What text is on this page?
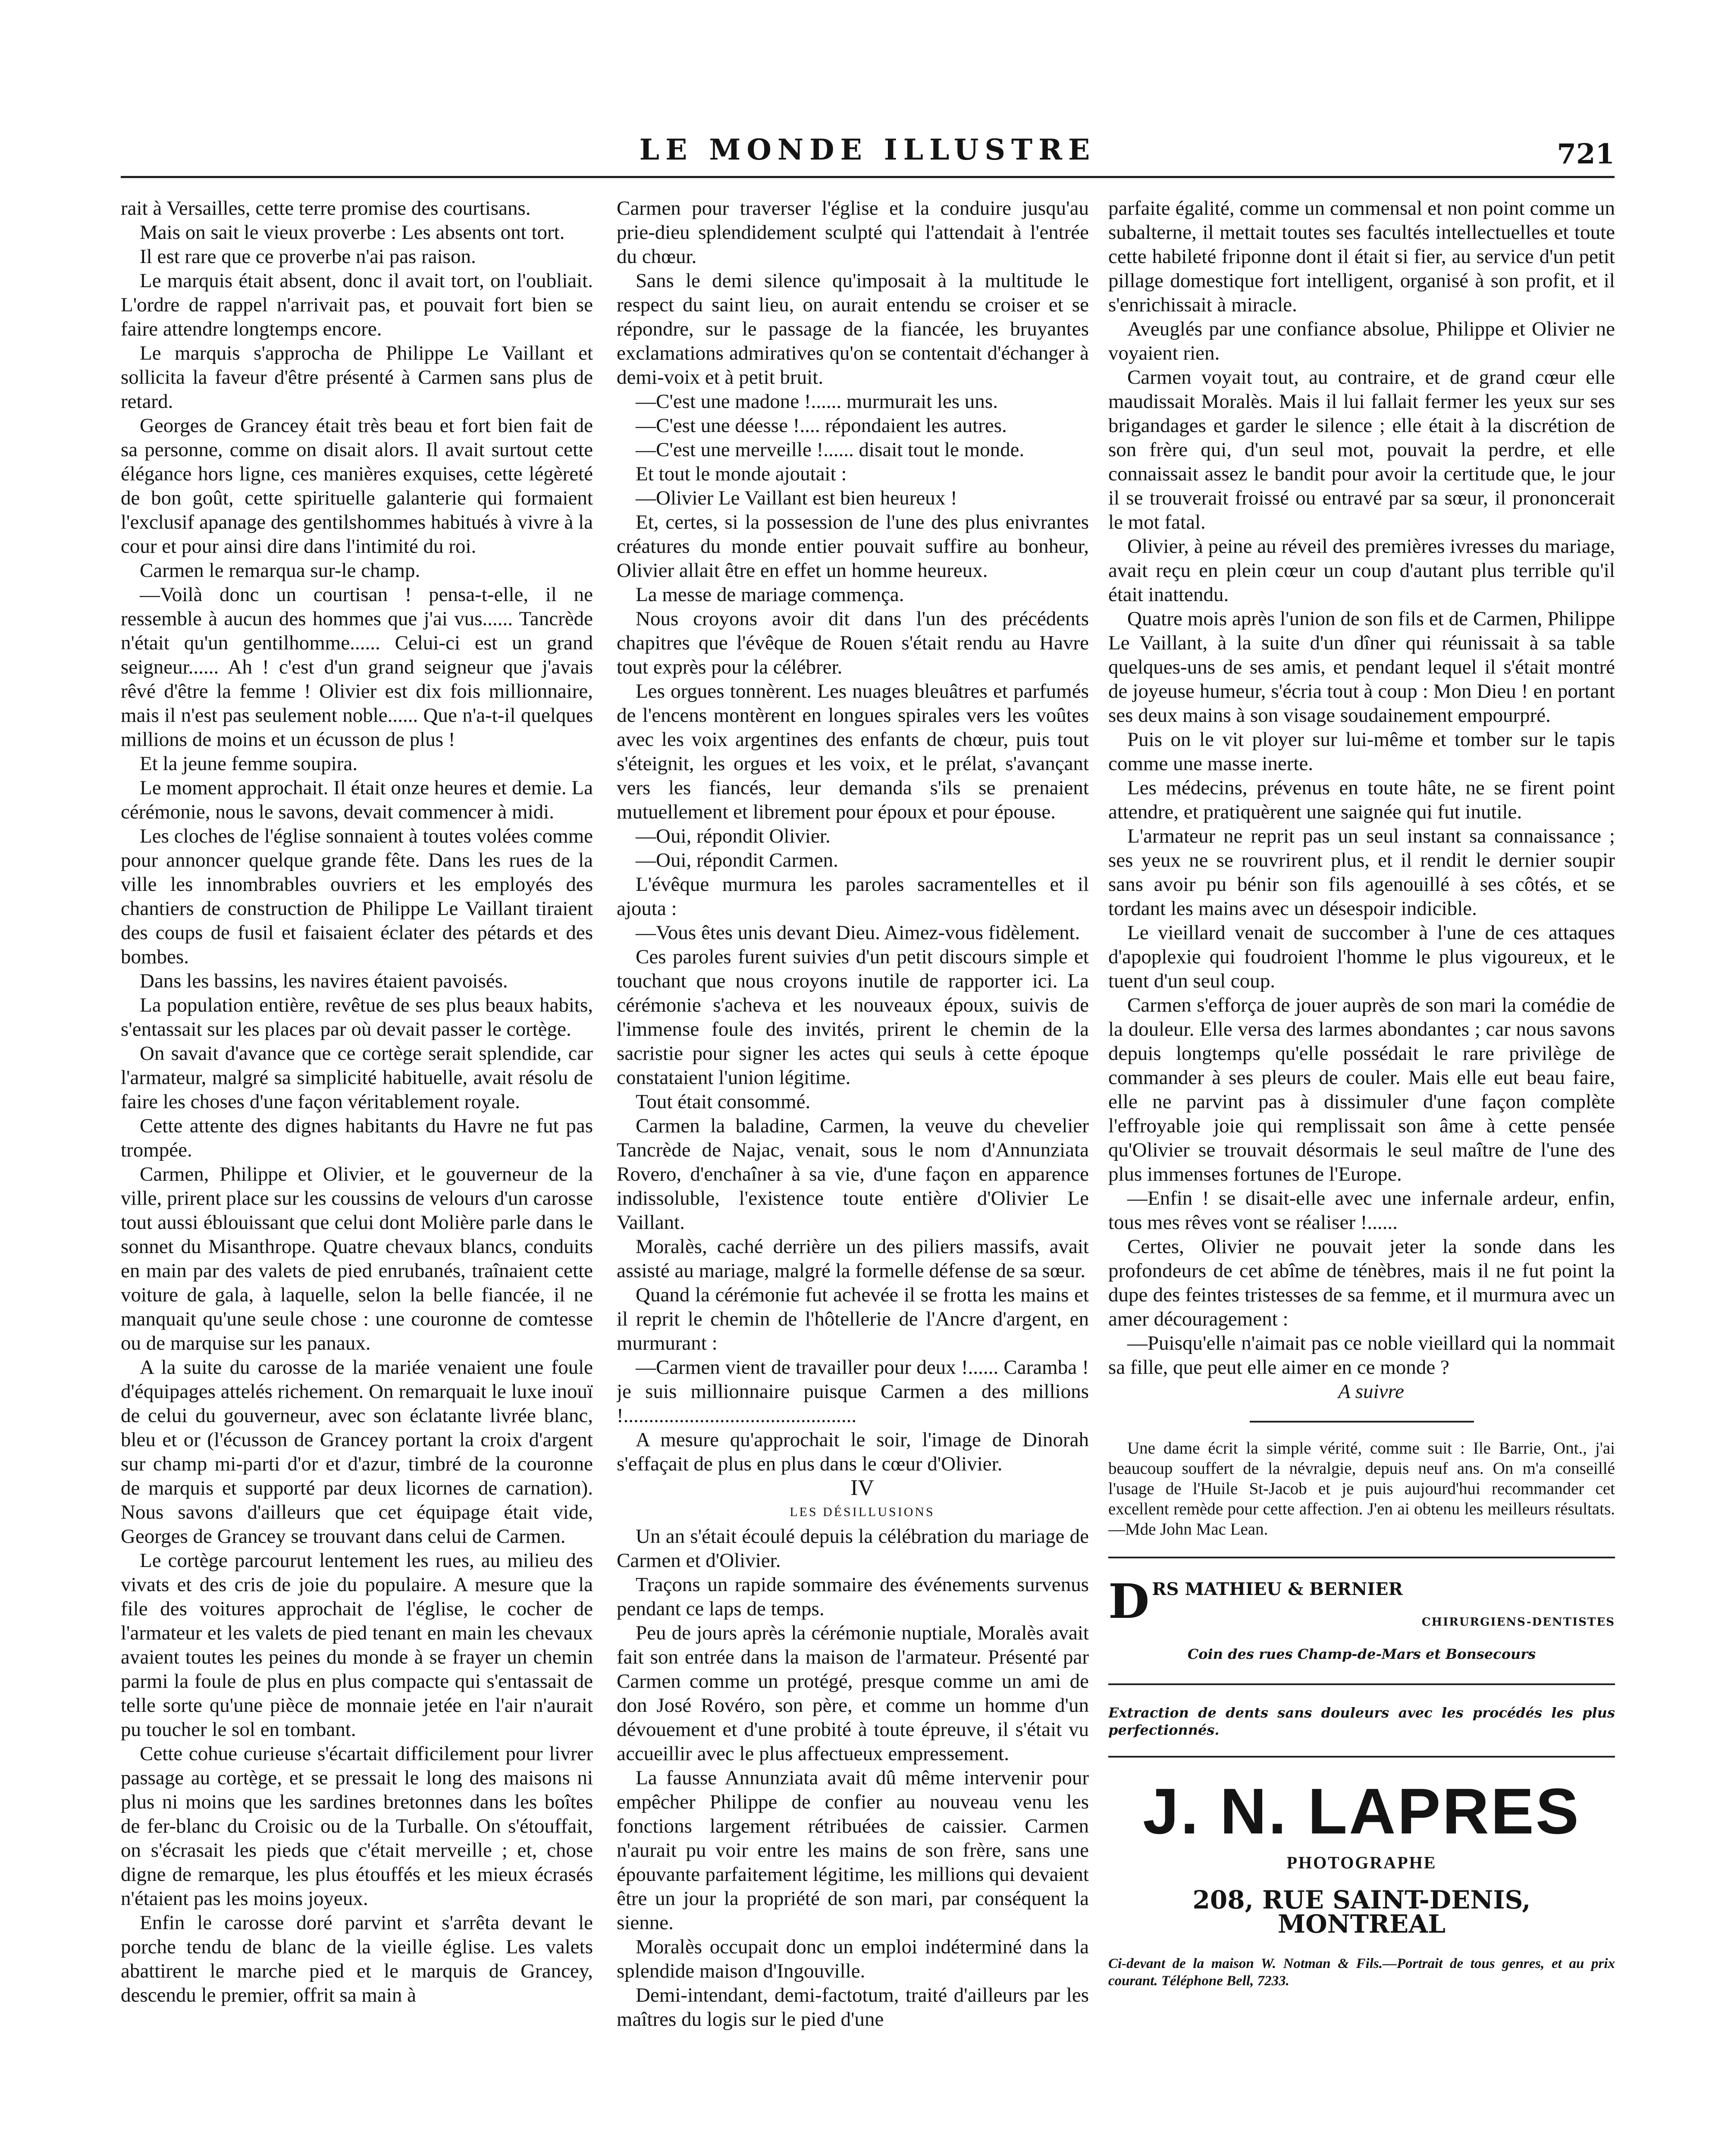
LE MONDE ILLUSTRE	721

rait à Versailles, cette terre promise des courtisans.

Mais on sait le vieux proverbe : Les absents ont tort.

Il est rare que ce proverbe n'ai pas raison.

Le marquis était absent, donc il avait tort, on l'oubliait. L'ordre de rappel n'arrivait pas, et pouvait fort bien se faire attendre longtemps encore.

Le marquis s'approcha de Philippe Le Vaillant et sollicita la faveur d'être présenté à Carmen sans plus de retard.

Georges de Grancey était très beau et fort bien fait de sa personne, comme on disait alors. Il avait surtout cette élégance hors ligne, ces manières exquises, cette légèreté de bon goût, cette spirituelle galanterie qui formaient l'exclusif apanage des gentilshommes habitués à vivre à la cour et pour ainsi dire dans l'intimité du roi.

Carmen le remarqua sur-le champ.

—Voilà donc un courtisan ! pensa-t-elle, il ne ressemble à aucun des hommes que j'ai vus...... Tancrède n'était qu'un gentilhomme...... Celui-ci est un grand seigneur...... Ah ! c'est d'un grand seigneur que j'avais rêvé d'être la femme ! Olivier est dix fois millionnaire, mais il n'est pas seulement noble...... Que n'a-t-il quelques millions de moins et un écusson de plus !

Et la jeune femme soupira.

Le moment approchait. Il était onze heures et demie. La cérémonie, nous le savons, devait commencer à midi.

Les cloches de l'église sonnaient à toutes volées comme pour annoncer quelque grande fête. Dans les rues de la ville les innombrables ouvriers et les employés des chantiers de construction de Philippe Le Vaillant tiraient des coups de fusil et faisaient éclater des pétards et des bombes.

Dans les bassins, les navires étaient pavoisés.

La population entière, revêtue de ses plus beaux habits, s'entassait sur les places par où devait passer le cortège.

On savait d'avance que ce cortège serait splendide, car l'armateur, malgré sa simplicité habituelle, avait résolu de faire les choses d'une façon véritablement royale.

Cette attente des dignes habitants du Havre ne fut pas trompée.

Carmen, Philippe et Olivier, et le gouverneur de la ville, prirent place sur les coussins de velours d'un carosse tout aussi éblouissant que celui dont Molière parle dans le sonnet du Misanthrope. Quatre chevaux blancs, conduits en main par des valets de pied enrubanés, traînaient cette voiture de gala, à laquelle, selon la belle fiancée, il ne manquait qu'une seule chose : une couronne de comtesse ou de marquise sur les panaux.

A la suite du carosse de la mariée venaient une foule d'équipages attelés richement. On remarquait le luxe inouï de celui du gouverneur, avec son éclatante livrée blanc, bleu et or (l'écusson de Grancey portant la croix d'argent sur champ mi-parti d'or et d'azur, timbré de la couronne de marquis et supporté par deux licornes de carnation). Nous savons d'ailleurs que cet équipage était vide, Georges de Grancey se trouvant dans celui de Carmen.

Le cortège parcourut lentement les rues, au milieu des vivats et des cris de joie du populaire. A mesure que la file des voitures approchait de l'église, le cocher de l'armateur et les valets de pied tenant en main les chevaux avaient toutes les peines du monde à se frayer un chemin parmi la foule de plus en plus compacte qui s'entassait de telle sorte qu'une pièce de monnaie jetée en l'air n'aurait pu toucher le sol en tombant.

Cette cohue curieuse s'écartait difficilement pour livrer passage au cortège, et se pressait le long des maisons ni plus ni moins que les sardines bretonnes dans les boîtes de fer-blanc du Croisic ou de la Turballe. On s'étouffait, on s'écrasait les pieds que c'était merveille ; et, chose digne de remarque, les plus étouffés et les mieux écrasés n'étaient pas les moins joyeux.

Enfin le carosse doré parvint et s'arrêta devant le porche tendu de blanc de la vieille église. Les valets abattirent le marche pied et le marquis de Grancey, descendu le premier, offrit sa main à

Carmen pour traverser l'église et la conduire jusqu'au prie-dieu splendidement sculpté qui l'attendait à l'entrée du chœur.

Sans le demi silence qu'imposait à la multitude le respect du saint lieu, on aurait entendu se croiser et se répondre, sur le passage de la fiancée, les bruyantes exclamations admiratives qu'on se contentait d'échanger à demi-voix et à petit bruit.

—C'est une madone !...... murmurait les uns.

—C'est une déesse !.... répondaient les autres.

—C'est une merveille !...... disait tout le monde.

Et tout le monde ajoutait :

—Olivier Le Vaillant est bien heureux !

Et, certes, si la possession de l'une des plus enivrantes créatures du monde entier pouvait suffire au bonheur, Olivier allait être en effet un homme heureux.

La messe de mariage commença.

Nous croyons avoir dit dans l'un des précédents chapitres que l'évêque de Rouen s'était rendu au Havre tout exprès pour la célébrer.

Les orgues tonnèrent. Les nuages bleuâtres et parfumés de l'encens montèrent en longues spirales vers les voûtes avec les voix argentines des enfants de chœur, puis tout s'éteignit, les orgues et les voix, et le prélat, s'avançant vers les fiancés, leur demanda s'ils se prenaient mutuellement et librement pour époux et pour épouse.

—Oui, répondit Olivier.

—Oui, répondit Carmen.

L'évêque murmura les paroles sacramentelles et il ajouta :

—Vous êtes unis devant Dieu. Aimez-vous fidèlement.

Ces paroles furent suivies d'un petit discours simple et touchant que nous croyons inutile de rapporter ici. La cérémonie s'acheva et les nouveaux époux, suivis de l'immense foule des invités, prirent le chemin de la sacristie pour signer les actes qui seuls à cette époque constataient l'union légitime.

Tout était consommé.

Carmen la baladine, Carmen, la veuve du chevelier Tancrède de Najac, venait, sous le nom d'Annunziata Rovero, d'enchaîner à sa vie, d'une façon en apparence indissoluble, l'existence toute entière d'Olivier Le Vaillant.

Moralès, caché derrière un des piliers massifs, avait assisté au mariage, malgré la formelle défense de sa sœur.

Quand la cérémonie fut achevée il se frotta les mains et il reprit le chemin de l'hôtellerie de l'Ancre d'argent, en murmurant :

—Carmen vient de travailler pour deux !...... Caramba ! je suis millionnaire puisque Carmen a des millions !..............................................

A mesure qu'approchait le soir, l'image de Dinorah s'effaçait de plus en plus dans le cœur d'Olivier.

IV

LES DÉSILLUSIONS

Un an s'était écoulé depuis la célébration du mariage de Carmen et d'Olivier.

Traçons un rapide sommaire des événements survenus pendant ce laps de temps.

Peu de jours après la cérémonie nuptiale, Moralès avait fait son entrée dans la maison de l'armateur. Présenté par Carmen comme un protégé, presque comme un ami de don José Rovéro, son père, et comme un homme d'un dévouement et d'une probité à toute épreuve, il s'était vu accueillir avec le plus affectueux empressement.

La fausse Annunziata avait dû même intervenir pour empêcher Philippe de confier au nouveau venu les fonctions largement rétribuées de caissier. Carmen n'aurait pu voir entre les mains de son frère, sans une épouvante parfaitement légitime, les millions qui devaient être un jour la propriété de son mari, par conséquent la sienne.

Moralès occupait donc un emploi indéterminé dans la splendide maison d'Ingouville.

Demi-intendant, demi-factotum, traité d'ailleurs par les maîtres du logis sur le pied d'une

parfaite égalité, comme un commensal et non point comme un subalterne, il mettait toutes ses facultés intellectuelles et toute cette habileté friponne dont il était si fier, au service d'un petit pillage domestique fort intelligent, organisé à son profit, et il s'enrichissait à miracle.

Aveuglés par une confiance absolue, Philippe et Olivier ne voyaient rien.

Carmen voyait tout, au contraire, et de grand cœur elle maudissait Moralès. Mais il lui fallait fermer les yeux sur ses brigandages et garder le silence ; elle était à la discrétion de son frère qui, d'un seul mot, pouvait la perdre, et elle connaissait assez le bandit pour avoir la certitude que, le jour il se trouverait froissé ou entravé par sa sœur, il prononcerait le mot fatal.

Olivier, à peine au réveil des premières ivresses du mariage, avait reçu en plein cœur un coup d'autant plus terrible qu'il était inattendu.

Quatre mois après l'union de son fils et de Carmen, Philippe Le Vaillant, à la suite d'un dîner qui réunissait à sa table quelques-uns de ses amis, et pendant lequel il s'était montré de joyeuse humeur, s'écria tout à coup : Mon Dieu ! en portant ses deux mains à son visage soudainement empourpré.

Puis on le vit ployer sur lui-même et tomber sur le tapis comme une masse inerte.

Les médecins, prévenus en toute hâte, ne se firent point attendre, et pratiquèrent une saignée qui fut inutile.

L'armateur ne reprit pas un seul instant sa connaissance ; ses yeux ne se rouvrirent plus, et il rendit le dernier soupir sans avoir pu bénir son fils agenouillé à ses côtés, et se tordant les mains avec un désespoir indicible.

Le vieillard venait de succomber à l'une de ces attaques d'apoplexie qui foudroient l'homme le plus vigoureux, et le tuent d'un seul coup.

Carmen s'efforça de jouer auprès de son mari la comédie de la douleur. Elle versa des larmes abondantes ; car nous savons depuis longtemps qu'elle possédait le rare privilège de commander à ses pleurs de couler. Mais elle eut beau faire, elle ne parvint pas à dissimuler d'une façon complète l'effroyable joie qui remplissait son âme à cette pensée qu'Olivier se trouvait désormais le seul maître de l'une des plus immenses fortunes de l'Europe.

—Enfin ! se disait-elle avec une infernale ardeur, enfin, tous mes rêves vont se réaliser !......

Certes, Olivier ne pouvait jeter la sonde dans les profondeurs de cet abîme de ténèbres, mais il ne fut point la dupe des feintes tristesses de sa femme, et il murmura avec un amer découragement :

—Puisqu'elle n'aimait pas ce noble vieillard qui la nommait sa fille, que peut elle aimer en ce monde ?

A suivre

Une dame écrit la simple vérité, comme suit : Ile Barrie, Ont., j'ai beaucoup souffert de la névralgie, depuis neuf ans. On m'a conseillé l'usage de l'Huile St-Jacob et je puis aujourd'hui recommander cet excellent remède pour cette affection. J'en ai obtenu les meilleurs résultats.—Mde John Mac Lean.

D RS MATHIEU & BERNIER
CHIRURGIENS-DENTISTES
Coin des rues Champ-de-Mars et Bonsecours
Extraction de dents sans douleurs avec les procédés les plus perfectionnés.
J. N. LAPRES
PHOTOGRAPHE
208, RUE SAINT-DENIS, MONTREAL
Ci-devant de la maison W. Notman & Fils.—Portrait de tous genres, et au prix courant. Téléphone Bell, 7233.
